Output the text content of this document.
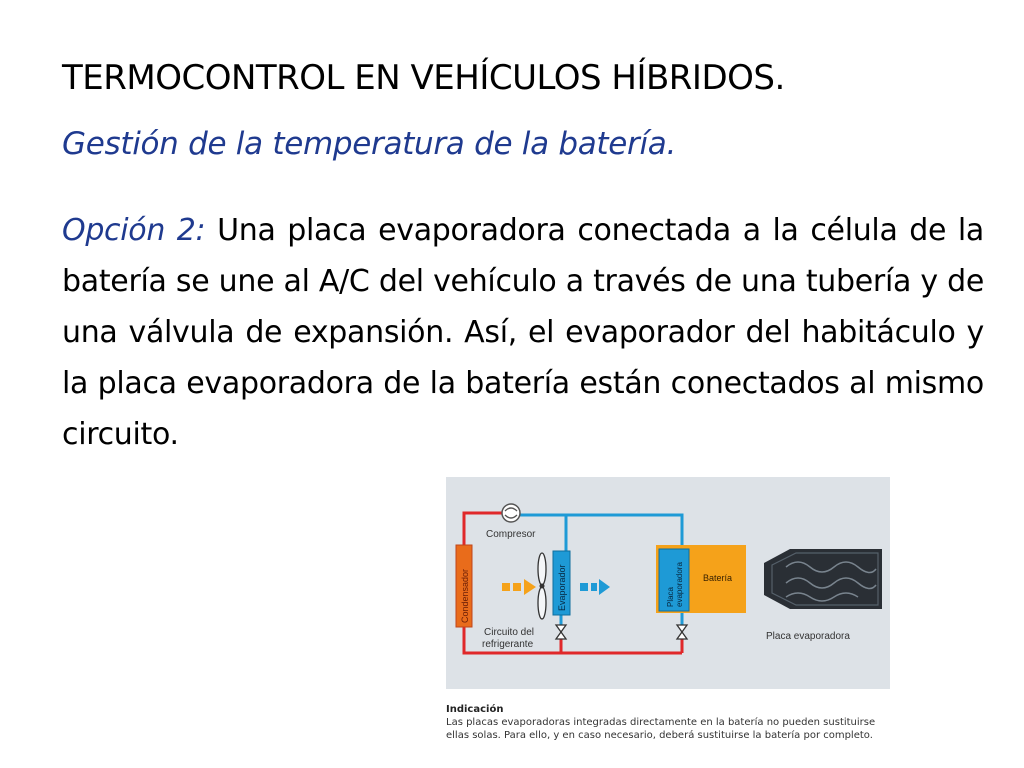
TERMOCONTROL EN VEHÍCULOS HÍBRIDOS.
Gestión de la temperatura de la batería.
Opción 2: Una placa evaporadora conectada a la célula de la batería se une al A/C del vehículo a través de una tubería y de una válvula de expansión. Así, el evaporador del habitáculo y la placa evaporadora de la batería están conectados al mismo circuito.
Compresor
Condensador	Evaporador
Circuito del
refrigerante
Placa evaporadora Batería
Placa evaporadora
Indicación
Las placas evaporadoras integradas directamente en la batería no pueden sustituirse ellas solas. Para ello, y en caso necesario, deberá sustituirse la batería por completo.
